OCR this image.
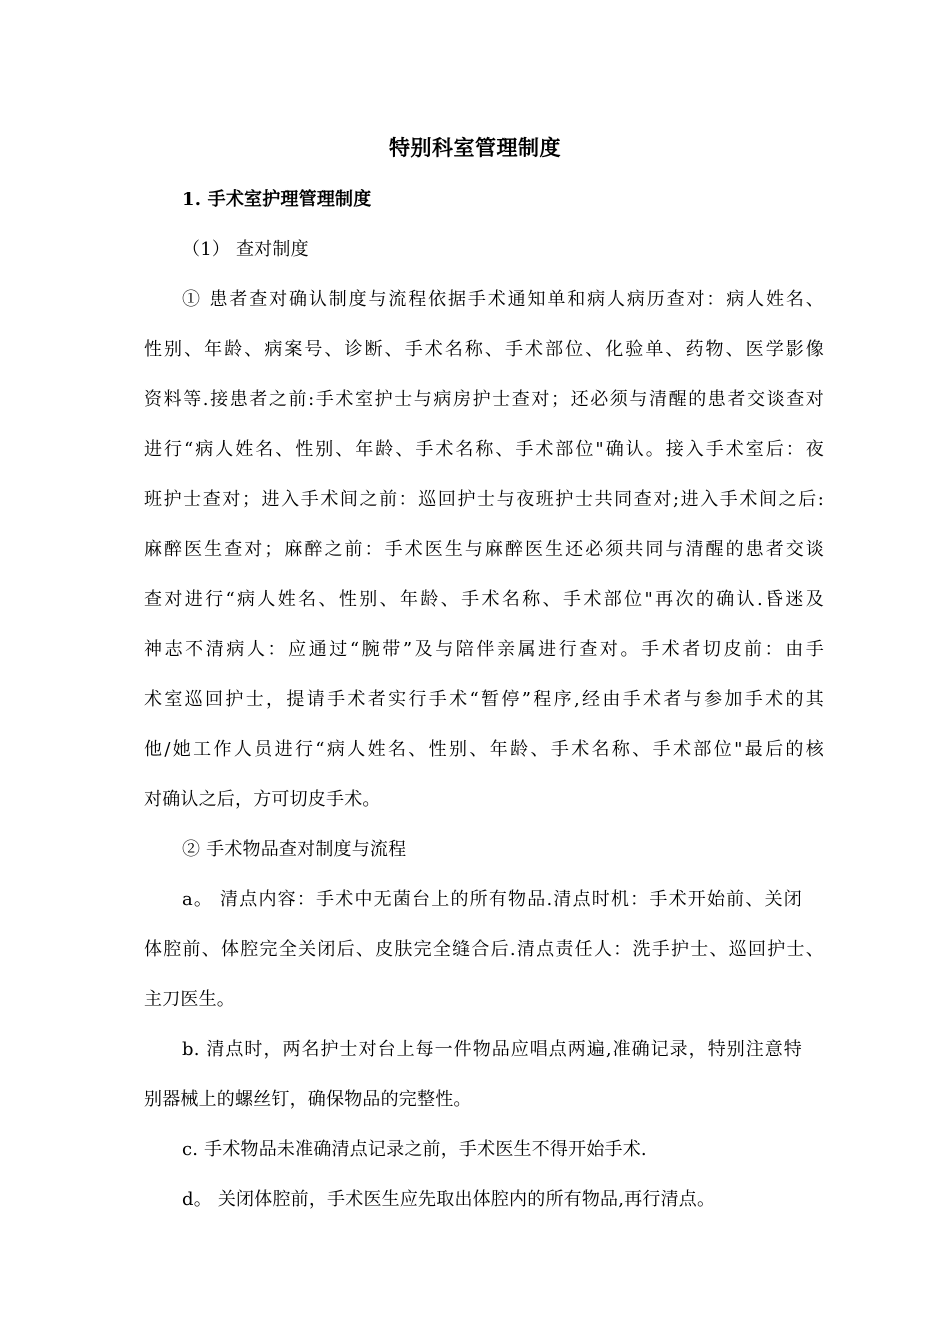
特别科室管理制度
1. 手术室护理管理制度
（1） 查对制度
① 患者查对确认制度与流程依据手术通知单和病人病历查对：病人姓名、
性别、年龄、病案号、诊断、手术名称、手术部位、化验单、药物、医学影像
资料等.接患者之前:手术室护士与病房护士查对；还必须与清醒的患者交谈查对
进行“病人姓名、性别、年龄、手术名称、手术部位"确认。接入手术室后：夜
班护士查对；进入手术间之前：巡回护士与夜班护士共同查对;进入手术间之后:
麻醉医生查对；麻醉之前：手术医生与麻醉医生还必须共同与清醒的患者交谈
查对进行“病人姓名、性别、年龄、手术名称、手术部位"再次的确认.昏迷及
神志不清病人：应通过“腕带”及与陪伴亲属进行查对。手术者切皮前：由手
术室巡回护士，提请手术者实行手术“暂停”程序,经由手术者与参加手术的其
他/她工作人员进行“病人姓名、性别、年龄、手术名称、手术部位"最后的核
对确认之后，方可切皮手术。
② 手术物品查对制度与流程
a。 清点内容：手术中无菌台上的所有物品.清点时机：手术开始前、关闭
体腔前、体腔完全关闭后、皮肤完全缝合后.清点责任人：洗手护士、巡回护士、
主刀医生。
b. 清点时，两名护士对台上每一件物品应唱点两遍,准确记录，特别注意特
别器械上的螺丝钉，确保物品的完整性。
c. 手术物品未准确清点记录之前，手术医生不得开始手术.
d。 关闭体腔前，手术医生应先取出体腔内的所有物品,再行清点。
